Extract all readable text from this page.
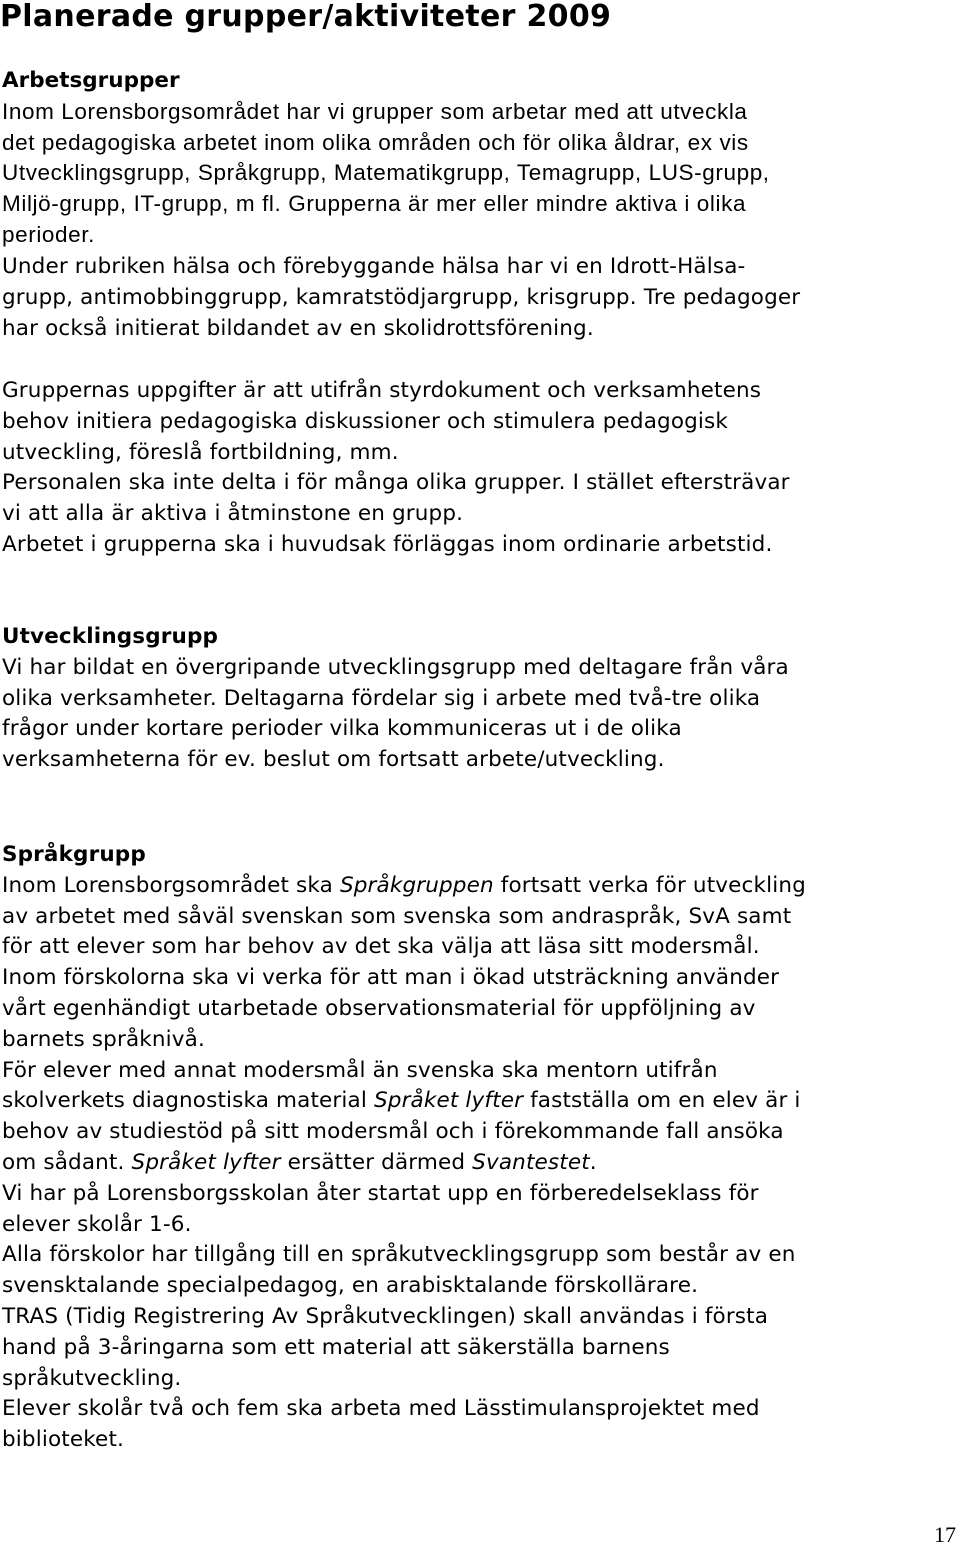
Planerade grupper/aktiviteter 2009
Arbetsgrupper
Inom Lorensborgsområdet har vi grupper som arbetar med att utveckla
det pedagogiska arbetet inom olika områden och för olika åldrar, ex vis
Utvecklingsgrupp, Språkgrupp, Matematikgrupp, Temagrupp, LUS-grupp,
Miljö-grupp, IT-grupp, m fl. Grupperna är mer eller mindre aktiva i olika
perioder.
Under rubriken hälsa och förebyggande hälsa har vi en Idrott-Hälsa-
grupp, antimobbinggrupp, kamratstödjargrupp, krisgrupp. Tre pedagoger
har också initierat bildandet av en skolidrottsförening.
Gruppernas uppgifter är att utifrån styrdokument och verksamhetens
behov initiera pedagogiska diskussioner och stimulera pedagogisk
utveckling, föreslå fortbildning, mm.
Personalen ska inte delta i för många olika grupper. I stället eftersträvar
vi att alla är aktiva i åtminstone en grupp.
Arbetet i grupperna ska i huvudsak förläggas inom ordinarie arbetstid.
Utvecklingsgrupp
Vi har bildat en övergripande utvecklingsgrupp med deltagare från våra
olika verksamheter. Deltagarna fördelar sig i arbete med två-tre olika
frågor under kortare perioder vilka kommuniceras ut i de olika
verksamheterna för ev. beslut om fortsatt arbete/utveckling.
Språkgrupp
Inom Lorensborgsområdet ska Språkgruppen fortsatt verka för utveckling
av arbetet med såväl svenskan som svenska som andraspråk, SvA samt
för att elever som har behov av det ska välja att läsa sitt modersmål.
Inom förskolorna ska vi verka för att man i ökad utsträckning använder
vårt egenhändigt utarbetade observationsmaterial för uppföljning av
barnets språknivå.
För elever med annat modersmål än svenska ska mentorn utifrån
skolverkets diagnostiska material Språket lyfter fastställa om en elev är i
behov av studiestöd på sitt modersmål och i förekommande fall ansöka
om sådant. Språket lyfter ersätter därmed Svantestet.
Vi har på Lorensborgsskolan åter startat upp en förberedelseklass för
elever skolår 1-6.
Alla förskolor har tillgång till en språkutvecklingsgrupp som består av en
svensktalande specialpedagog, en arabisktalande förskollärare.
TRAS (Tidig Registrering Av Språkutvecklingen) skall användas i första
hand på 3-åringarna som ett material att säkerställa barnens
språkutveckling.
Elever skolår två och fem ska arbeta med Lässtimulansprojektet med
biblioteket.
17
